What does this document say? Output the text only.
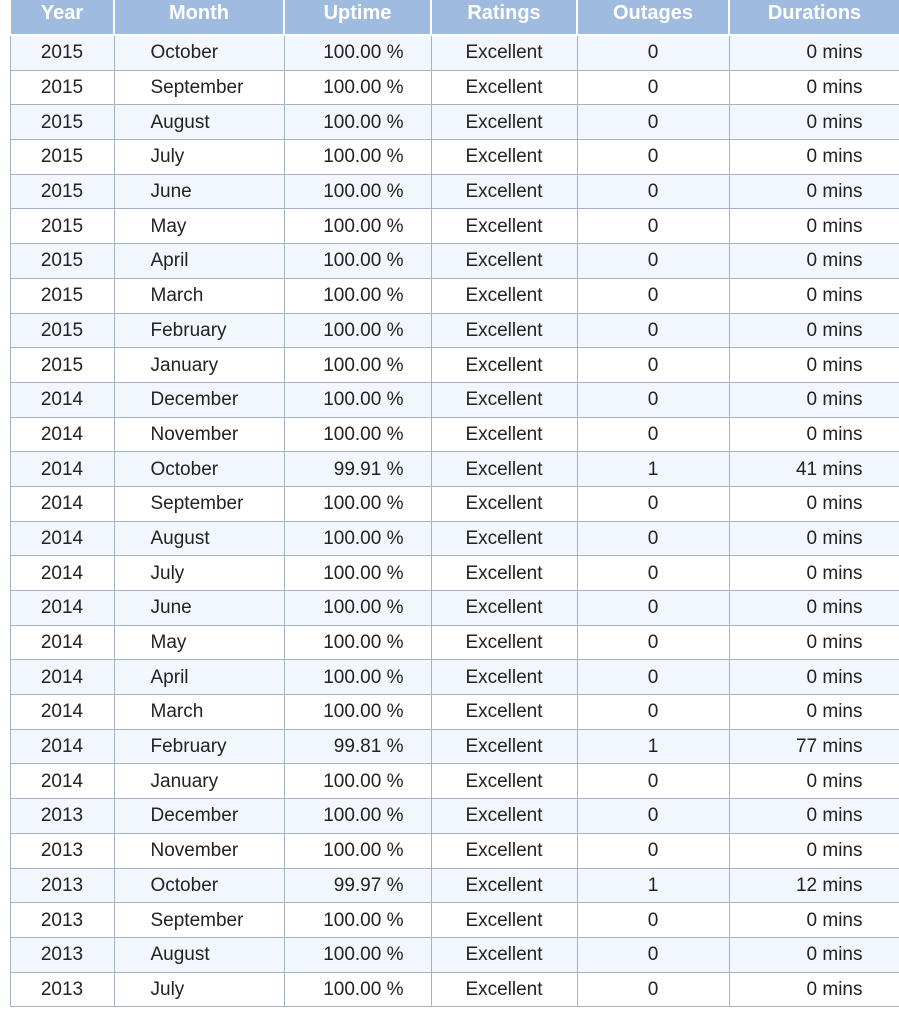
Year	Month	Uptime	Ratings	Outages	Durations
2015	October	100.00 %	Excellent	0	0 mins
2015	September	100.00 %	Excellent	0	0 mins
2015	August	100.00 %	Excellent	0	0 mins
2015	July	100.00 %	Excellent	0	0 mins
2015	June	100.00 %	Excellent	0	0 mins
2015	May	100.00 %	Excellent	0	0 mins
2015	April	100.00 %	Excellent	0	0 mins
2015	March	100.00 %	Excellent	0	0 mins
2015	February	100.00 %	Excellent	0	0 mins
2015	January	100.00 %	Excellent	0	0 mins
2014	December	100.00 %	Excellent	0	0 mins
2014	November	100.00 %	Excellent	0	0 mins
2014	October	99.91 %	Excellent	1	41 mins
2014	September	100.00 %	Excellent	0	0 mins
2014	August	100.00 %	Excellent	0	0 mins
2014	July	100.00 %	Excellent	0	0 mins
2014	June	100.00 %	Excellent	0	0 mins
2014	May	100.00 %	Excellent	0	0 mins
2014	April	100.00 %	Excellent	0	0 mins
2014	March	100.00 %	Excellent	0	0 mins
2014	February	99.81 %	Excellent	1	77 mins
2014	January	100.00 %	Excellent	0	0 mins
2013	December	100.00 %	Excellent	0	0 mins
2013	November	100.00 %	Excellent	0	0 mins
2013	October	99.97 %	Excellent	1	12 mins
2013	September	100.00 %	Excellent	0	0 mins
2013	August	100.00 %	Excellent	0	0 mins
2013	July	100.00 %	Excellent	0	0 mins
